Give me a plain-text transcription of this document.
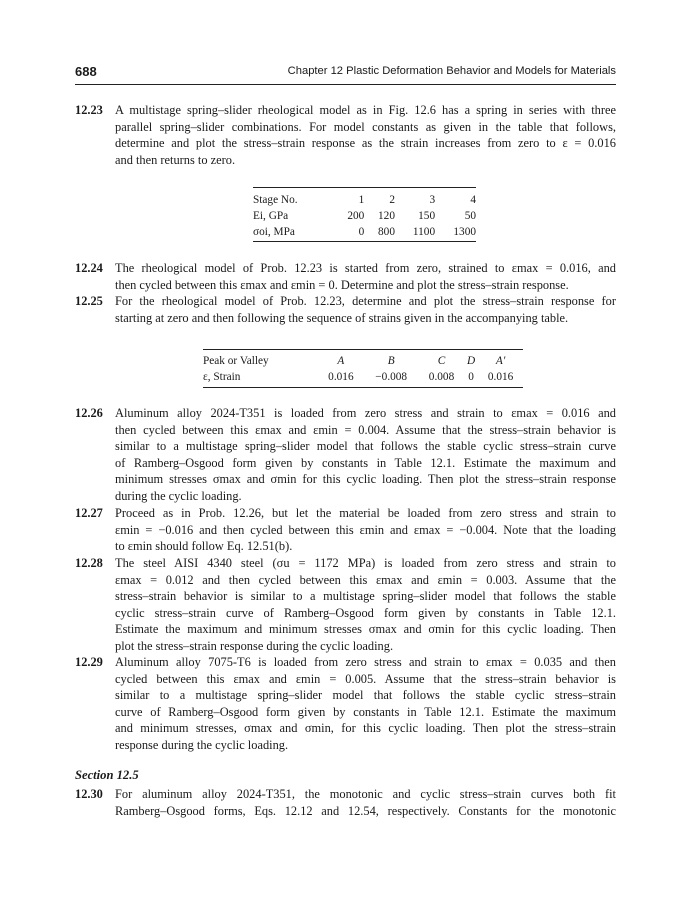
688	Chapter 12 Plastic Deformation Behavior and Models for Materials
12.23 A multistage spring–slider rheological model as in Fig. 12.6 has a spring in series with three
parallel spring–slider combinations. For model constants as given in the table that follows,
determine and plot the stress–strain response as the strain increases from zero to ε = 0.016
and then returns to zero.
Stage No.	1	2	3	4
Ei, GPa	200	120	150	50
σoi, MPa	0	800	1100	1300
12.24 The rheological model of Prob. 12.23 is started from zero, strained to εmax = 0.016, and
then cycled between this εmax and εmin = 0. Determine and plot the stress–strain response.
12.25 For the rheological model of Prob. 12.23, determine and plot the stress–strain response for
starting at zero and then following the sequence of strains given in the accompanying table.
Peak or Valley	A	B	C	D	A′
ε, Strain	0.016	−0.008	0.008	0	0.016
12.26 Aluminum alloy 2024-T351 is loaded from zero stress and strain to εmax = 0.016 and
then cycled between this εmax and εmin = 0.004. Assume that the stress–strain behavior is
similar to a multistage spring–slider model that follows the stable cyclic stress–strain curve
of Ramberg–Osgood form given by constants in Table 12.1. Estimate the maximum and
minimum stresses σmax and σmin for this cyclic loading. Then plot the stress–strain response
during the cyclic loading.
12.27 Proceed as in Prob. 12.26, but let the material be loaded from zero stress and strain to
εmin = −0.016 and then cycled between this εmin and εmax = −0.004. Note that the loading
to εmin should follow Eq. 12.51(b).
12.28 The steel AISI 4340 steel (σu = 1172 MPa) is loaded from zero stress and strain to
εmax = 0.012 and then cycled between this εmax and εmin = 0.003. Assume that the
stress–strain behavior is similar to a multistage spring–slider model that follows the stable
cyclic stress–strain curve of Ramberg–Osgood form given by constants in Table 12.1.
Estimate the maximum and minimum stresses σmax and σmin for this cyclic loading. Then
plot the stress–strain response during the cyclic loading.
12.29 Aluminum alloy 7075-T6 is loaded from zero stress and strain to εmax = 0.035 and then
cycled between this εmax and εmin = 0.005. Assume that the stress–strain behavior is
similar to a multistage spring–slider model that follows the stable cyclic stress–strain
curve of Ramberg–Osgood form given by constants in Table 12.1. Estimate the maximum
and minimum stresses, σmax and σmin, for this cyclic loading. Then plot the stress–strain
response during the cyclic loading.
Section 12.5
12.30 For aluminum alloy 2024-T351, the monotonic and cyclic stress–strain curves both fit
Ramberg–Osgood forms, Eqs. 12.12 and 12.54, respectively. Constants for the monotonic
